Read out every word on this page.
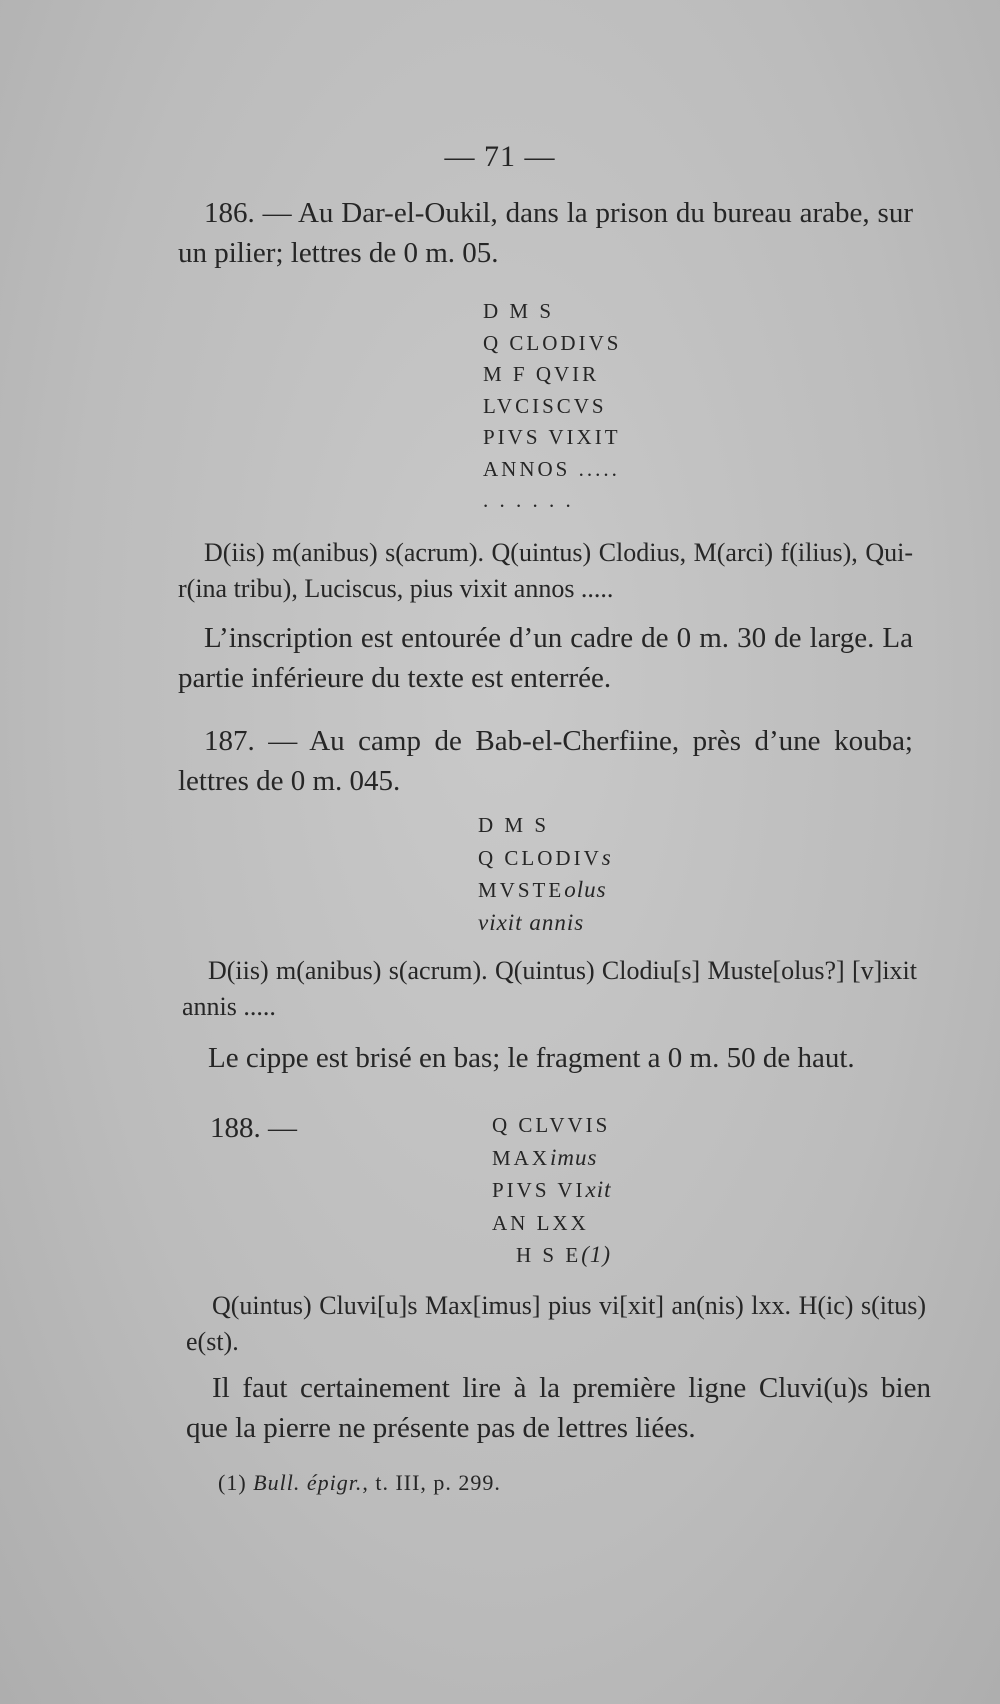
— 71 —

186. — Au Dar-el-Oukil, dans la prison du bureau arabe, sur un pilier; lettres de 0 m. 05.

D M S
Q CLODIVS
M F QVIR
LVCISCVS
PIVS VIXIT
ANNOS .....
. . . . . .

D(iis) m(anibus) s(acrum). Q(uintus) Clodius, M(arci) f(ilius), Qui-r(ina tribu), Luciscus, pius vixit annos .....

L’inscription est entourée d’un cadre de 0 m. 30 de large. La partie inférieure du texte est enterrée.

187. — Au camp de Bab-el-Cherfiine, près d’une kouba; lettres de 0 m. 045.

D M S
Q CLODIVs
MVSTEolus
vixit annis

D(iis) m(anibus) s(acrum). Q(uintus) Clodiu[s] Muste[olus?] [v]ixit annis .....

Le cippe est brisé en bas; le fragment a 0 m. 50 de haut.

188. —	Q CLVVIS
MAXimus
PIVS VIxit
AN LXX
H S E(1)

Q(uintus) Cluvi[u]s Max[imus] pius vi[xit] an(nis) lxx. H(ic) s(itus) e(st).

Il faut certainement lire à la première ligne Cluvi(u)s bien que la pierre ne présente pas de lettres liées.

(1) Bull. épigr., t. III, p. 299.
